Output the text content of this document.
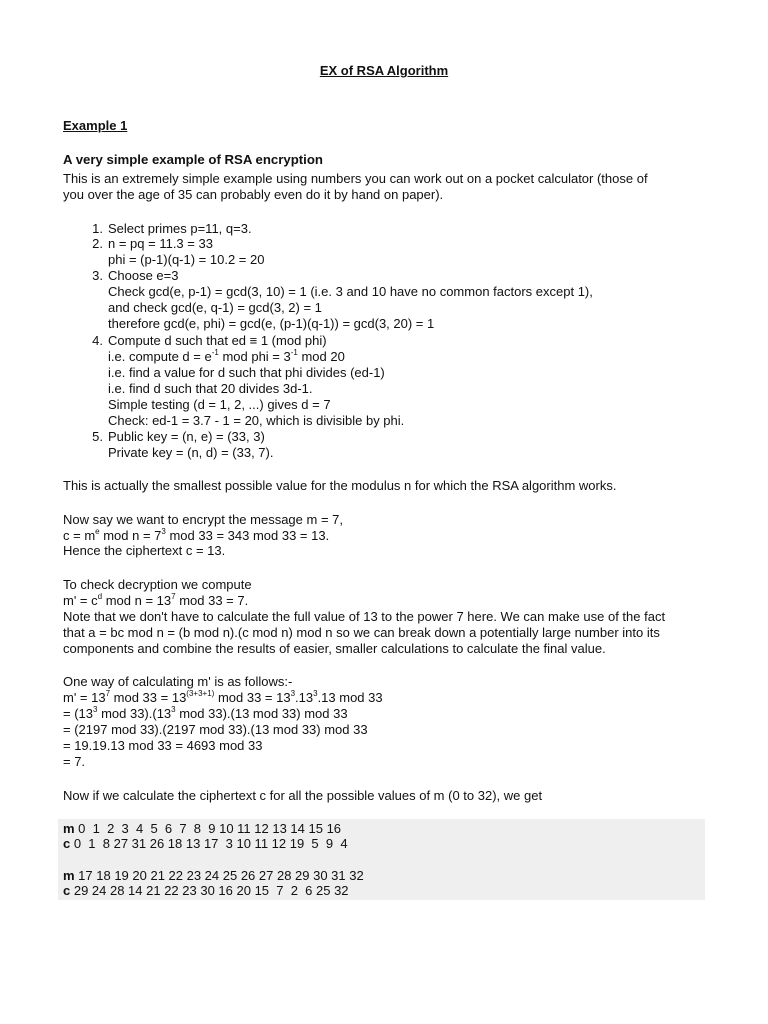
EX of RSA Algorithm
Example 1
A very simple example of RSA encryption
This is an extremely simple example using numbers you can work out on a pocket calculator (those of
you over the age of 35 can probably even do it by hand on paper).
1. Select primes p=11, q=3.
2. n = pq = 11.3 = 33
phi = (p-1)(q-1) = 10.2 = 20
3. Choose e=3
Check gcd(e, p-1) = gcd(3, 10) = 1 (i.e. 3 and 10 have no common factors except 1),
and check gcd(e, q-1) = gcd(3, 2) = 1
therefore gcd(e, phi) = gcd(e, (p-1)(q-1)) = gcd(3, 20) = 1
4. Compute d such that ed ≡ 1 (mod phi)
i.e. compute $d = e^{-1}$ mod phi = $3^{-1}$ mod 20
i.e. find a value for d such that phi divides (ed-1)
i.e. find d such that 20 divides 3d-1.
Simple testing (d = 1, 2, ...) gives d = 7
Check: ed-1 = 3.7 - 1 = 20, which is divisible by phi.
5. Public key = (n, e) = (33, 3)
Private key = (n, d) = (33, 7).
This is actually the smallest possible value for the modulus n for which the RSA algorithm works.
Now say we want to encrypt the message m = 7,
$c = m^e$ mod $n = 7^3$ mod 33 = 343 mod 33 = 13.
Hence the ciphertext c = 13.
To check decryption we compute
$m' = c^d$ mod $n = 13^7$ mod 33 = 7.
Note that we don't have to calculate the full value of 13 to the power 7 here. We can make use of the fact
that a = bc mod n = (b mod n).(c mod n) mod n so we can break down a potentially large number into its
components and combine the results of easier, smaller calculations to calculate the final value.
One way of calculating m' is as follows:-
$m' = 13^7$ mod $33 = 13^{(3+3+1)}$ mod $33 = 13^3.13^3.13$ mod 33
= ($13^3$ mod $33).(13^3$ mod 33).(13 mod 33) mod 33
= (2197 mod 33).(2197 mod 33).(13 mod 33) mod 33
= 19.19.13 mod 33 = 4693 mod 33
= 7.
Now if we calculate the ciphertext c for all the possible values of m (0 to 32), we get
m 0  1  2  3  4  5  6  7  8  9 10 11 12 13 14 15 16
c 0  1  8 27 31 26 18 13 17  3 10 11 12 19  5  9  4
m 17 18 19 20 21 22 23 24 25 26 27 28 29 30 31 32
c 29 24 28 14 21 22 23 30 16 20 15  7  2  6 25 32
